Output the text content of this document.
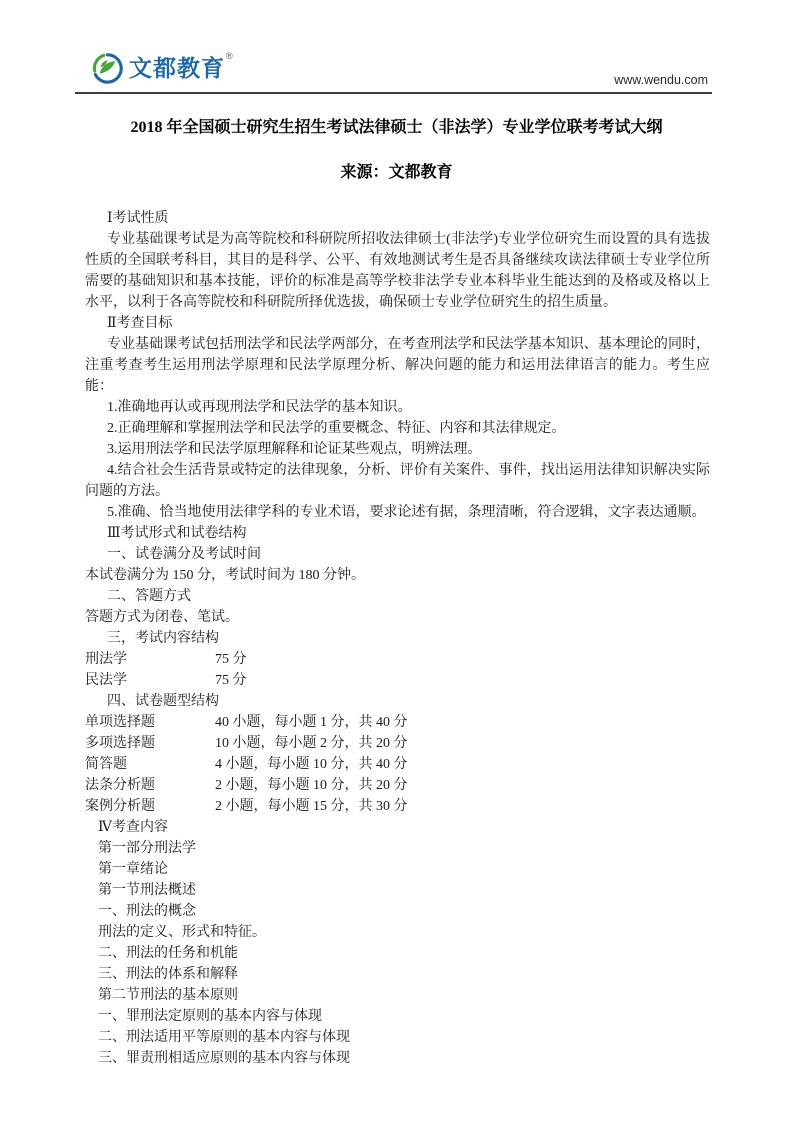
文都教育 ®
www.wendu.com
2018 年全国硕士研究生招生考试法律硕士（非法学）专业学位联考考试大纲
来源：文都教育
Ⅰ考试性质
专业基础课考试是为高等院校和科研院所招收法律硕士(非法学)专业学位研究生而设置的具有选拔性质的全国联考科目，其目的是科学、公平、有效地测试考生是否具备继续攻读法律硕士专业学位所需要的基础知识和基本技能，评价的标准是高等学校非法学专业本科毕业生能达到的及格或及格以上水平，以利于各高等院校和科研院所择优选拔，确保硕士专业学位研究生的招生质量。
Ⅱ考查目标
专业基础课考试包括刑法学和民法学两部分，在考查刑法学和民法学基本知识、基本理论的同时，注重考查考生运用刑法学原理和民法学原理分析、解决问题的能力和运用法律语言的能力。考生应能：
1.准确地再认或再现刑法学和民法学的基本知识。
2.正确理解和掌握刑法学和民法学的重要概念、特征、内容和其法律规定。
3.运用刑法学和民法学原理解释和论证某些观点，明辨法理。
4.结合社会生活背景或特定的法律现象，分析、评价有关案件、事件，找出运用法律知识解决实际问题的方法。
5.准确、恰当地使用法律学科的专业术语，要求论述有据，条理清晰，符合逻辑，文字表达通顺。
Ⅲ考试形式和试卷结构
一、试卷满分及考试时间
本试卷满分为 150 分，考试时间为 180 分钟。
二、答题方式
答题方式为闭卷、笔试。
三，考试内容结构
刑法学	75 分
民法学	75 分
四、试卷题型结构
单项选择题	40 小题，每小题 1 分，共 40 分
多项选择题	10 小题，每小题 2 分，共 20 分
简答题	4 小题，每小题 10 分，共 40 分
法条分析题	2 小题，每小题 10 分，共 20 分
案例分析题	2 小题，每小题 15 分，共 30 分
Ⅳ考查内容
第一部分刑法学
第一章绪论
第一节刑法概述
一、刑法的概念
刑法的定义、形式和特征。
二、刑法的任务和机能
三、刑法的体系和解释
第二节刑法的基本原则
一、罪刑法定原则的基本内容与体现
二、刑法适用平等原则的基本内容与体现
三、罪责刑相适应原则的基本内容与体现
